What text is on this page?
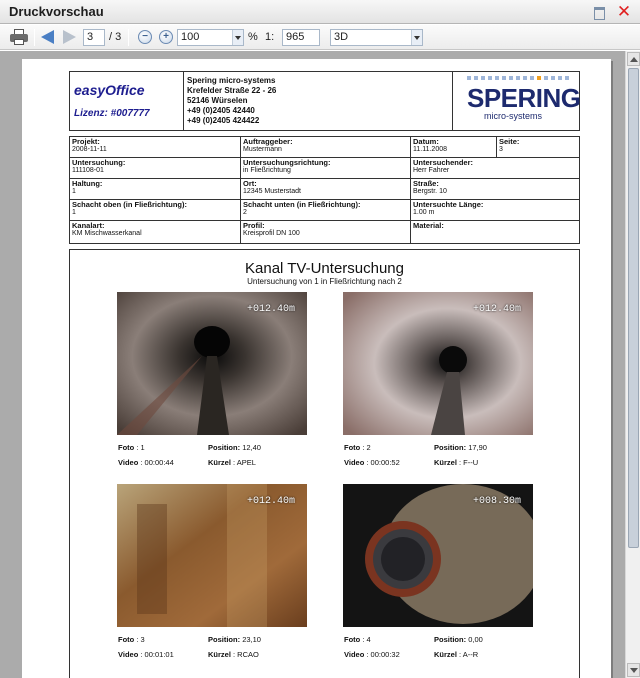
Druckvorschau	✕
3	/ 3	−	+	100	% 1:	965	3D
easyOffice
Lizenz: #007777
Spering micro-systems
Krefelder Straße 22 - 26
52146 Würselen
+49 (0)2405 42440
+49 (0)2405 424422
SPERING
micro-systems
Projekt:
2008-11-11
Auftraggeber:
Mustermann
Datum:
11.11.2008
Seite:
3
Untersuchung:
111108-01
Untersuchungsrichtung:
in Fließrichtung
Untersuchender:
Herr Fahrer
Haltung:
1
Ort:
12345 Musterstadt
Straße:
Bergstr. 10
Schacht oben (in Fließrichtung):
1
Schacht unten (in Fließrichtung):
2
Untersuchte Länge:
1.00 m
Kanalart:
KM Mischwasserkanal
Profil:
Kreisprofil DN 100
Material:
Kanal TV-Untersuchung
Untersuchung von 1 in Fließrichtung nach 2
+012.40m	+012.40m
+012.40m	+008.30m
Foto : 1	Position: 12,40
Video : 00:00:44	Kürzel : APEL
Foto : 2	Position: 17,90
Video : 00:00:52	Kürzel : F--U
Foto : 3	Position: 23,10
Video : 00:01:01	Kürzel : RCAO
Foto : 4	Position: 0,00
Video : 00:00:32	Kürzel : A--R
